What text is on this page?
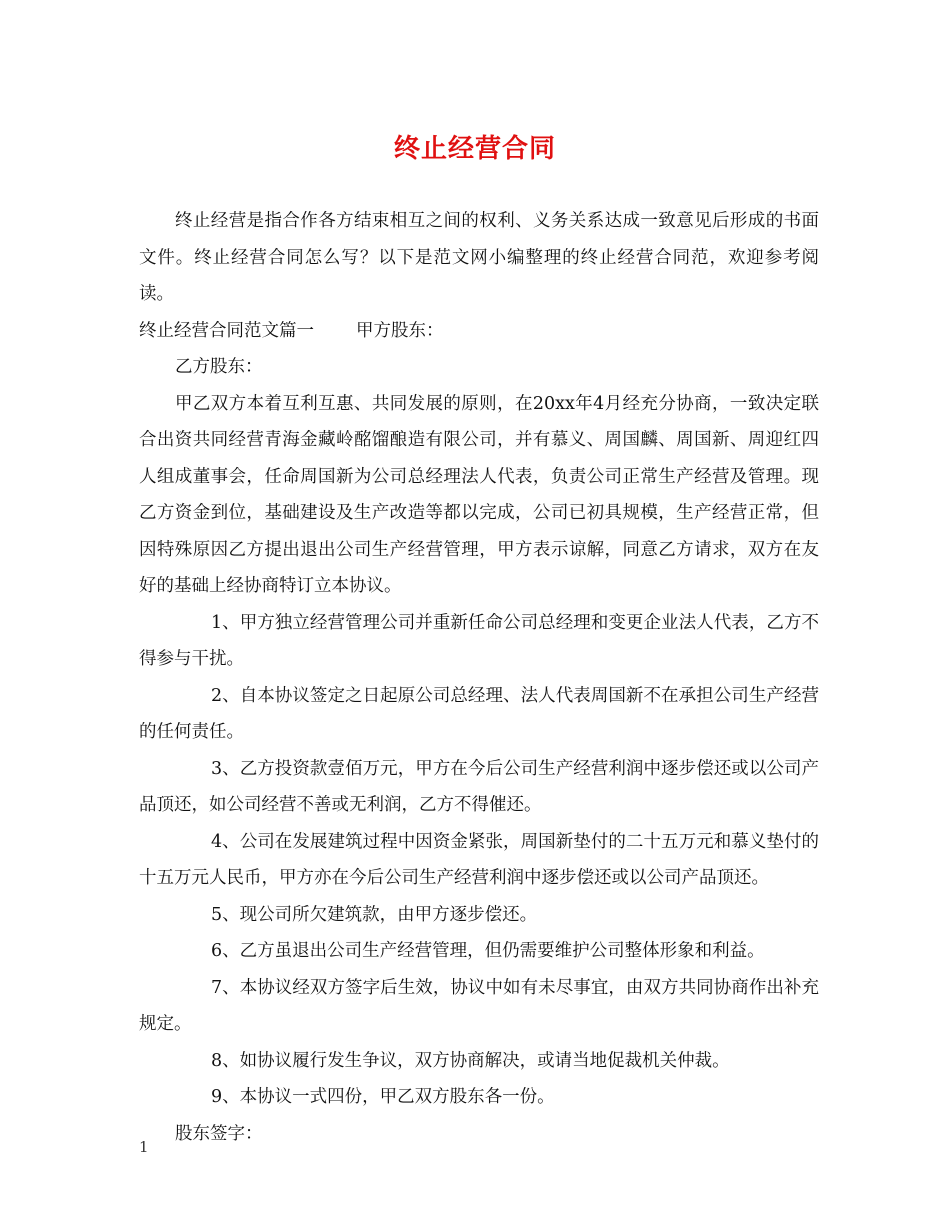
终止经营合同

终止经营是指合作各方结束相互之间的权利、义务关系达成一致意见后形成的书面文件。终止经营合同怎么写？以下是范文网小编整理的终止经营合同范，欢迎参考阅读。

终止经营合同范文篇一 甲方股东：

乙方股东：

甲乙双方本着互利互惠、共同发展的原则，在20xx年4月经充分协商，一致决定联合出资共同经营青海金藏岭酩馏酿造有限公司，并有慕义、周国麟、周国新、周迎红四人组成董事会，任命周国新为公司总经理法人代表，负责公司正常生产经营及管理。现乙方资金到位，基础建设及生产改造等都以完成，公司已初具规模，生产经营正常，但因特殊原因乙方提出退出公司生产经营管理，甲方表示谅解，同意乙方请求，双方在友好的基础上经协商特订立本协议。

1、甲方独立经营管理公司并重新任命公司总经理和变更企业法人代表，乙方不得参与干扰。

2、自本协议签定之日起原公司总经理、法人代表周国新不在承担公司生产经营的任何责任。

3、乙方投资款壹佰万元，甲方在今后公司生产经营利润中逐步偿还或以公司产品顶还，如公司经营不善或无利润，乙方不得催还。

4、公司在发展建筑过程中因资金紧张，周国新垫付的二十五万元和慕义垫付的十五万元人民币，甲方亦在今后公司生产经营利润中逐步偿还或以公司产品顶还。

5、现公司所欠建筑款，由甲方逐步偿还。

6、乙方虽退出公司生产经营管理，但仍需要维护公司整体形象和利益。

7、本协议经双方签字后生效，协议中如有未尽事宜，由双方共同协商作出补充规定。

8、如协议履行发生争议，双方协商解决，或请当地促裁机关仲裁。

9、本协议一式四份，甲乙双方股东各一份。

股东签字：

1
